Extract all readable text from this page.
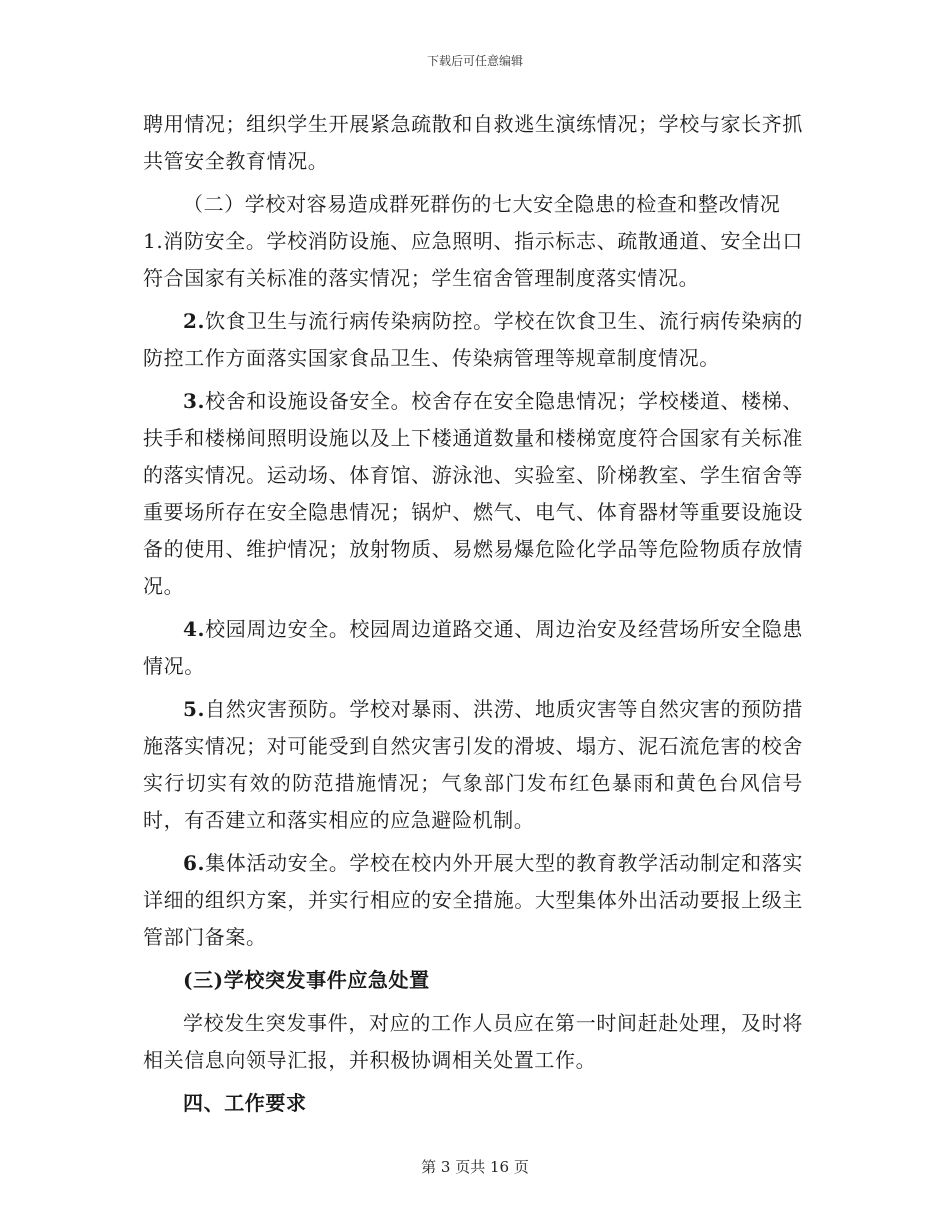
下载后可任意编辑

聘用情况；组织学生开展紧急疏散和自救逃生演练情况；学校与家长齐抓共管安全教育情况。

（二）学校对容易造成群死群伤的七大安全隐患的检查和整改情况

1.消防安全。学校消防设施、应急照明、指示标志、疏散通道、安全出口符合国家有关标准的落实情况；学生宿舍管理制度落实情况。

2.饮食卫生与流行病传染病防控。学校在饮食卫生、流行病传染病的防控工作方面落实国家食品卫生、传染病管理等规章制度情况。

3.校舍和设施设备安全。校舍存在安全隐患情况；学校楼道、楼梯、扶手和楼梯间照明设施以及上下楼通道数量和楼梯宽度符合国家有关标准的落实情况。运动场、体育馆、游泳池、实验室、阶梯教室、学生宿舍等重要场所存在安全隐患情况；锅炉、燃气、电气、体育器材等重要设施设备的使用、维护情况；放射物质、易燃易爆危险化学品等危险物质存放情况。

4.校园周边安全。校园周边道路交通、周边治安及经营场所安全隐患情况。

5.自然灾害预防。学校对暴雨、洪涝、地质灾害等自然灾害的预防措施落实情况；对可能受到自然灾害引发的滑坡、塌方、泥石流危害的校舍实行切实有效的防范措施情况；气象部门发布红色暴雨和黄色台风信号时，有否建立和落实相应的应急避险机制。

6.集体活动安全。学校在校内外开展大型的教育教学活动制定和落实详细的组织方案，并实行相应的安全措施。大型集体外出活动要报上级主管部门备案。

(三)学校突发事件应急处置

学校发生突发事件，对应的工作人员应在第一时间赶赴处理，及时将相关信息向领导汇报，并积极协调相关处置工作。

四、工作要求

第 3 页共 16 页
